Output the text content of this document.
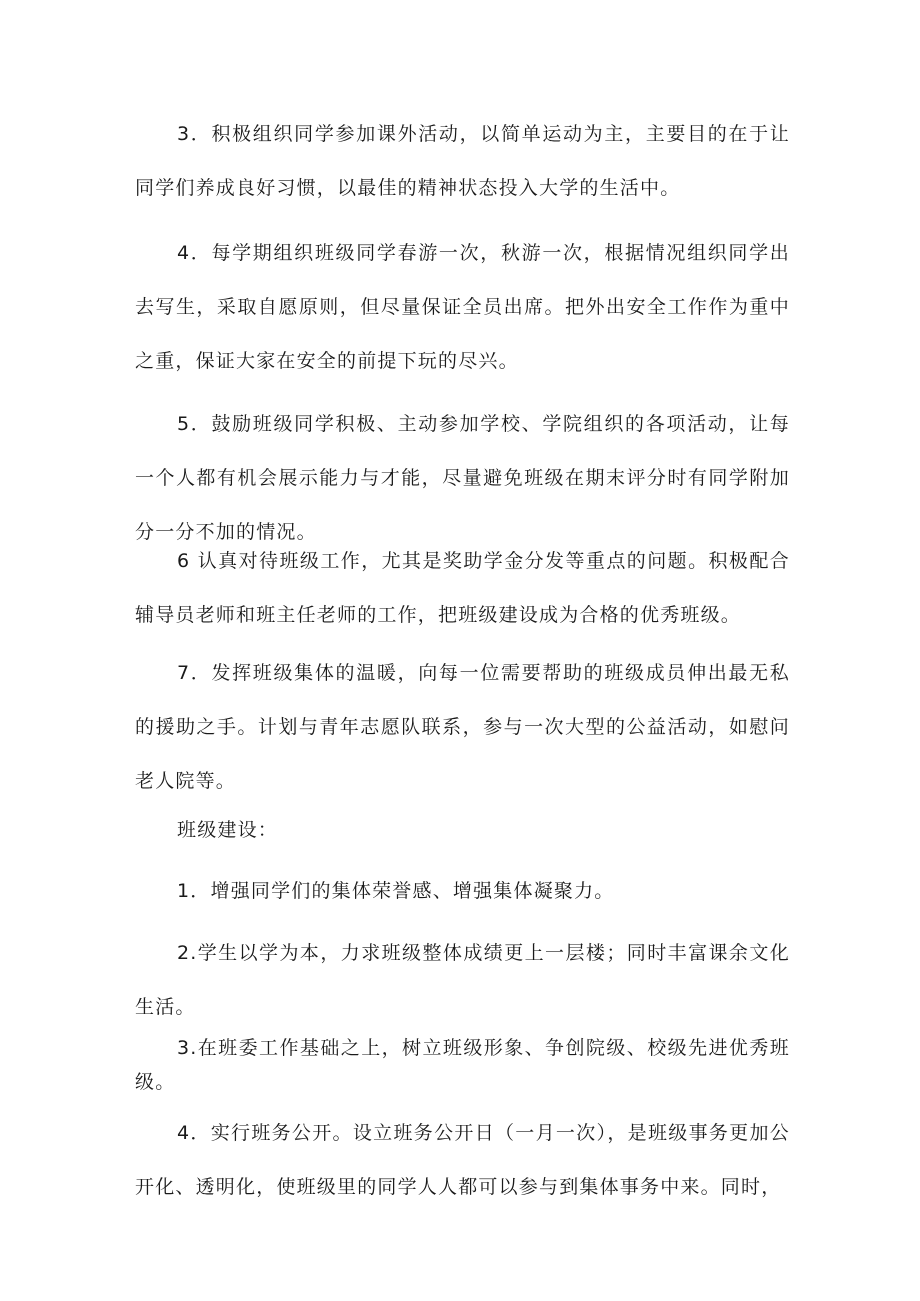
3．积极组织同学参加课外活动，以简单运动为主，主要目的在于让同学们养成良好习惯，以最佳的精神状态投入大学的生活中。

4．每学期组织班级同学春游一次，秋游一次，根据情况组织同学出去写生，采取自愿原则，但尽量保证全员出席。把外出安全工作作为重中之重，保证大家在安全的前提下玩的尽兴。

5．鼓励班级同学积极、主动参加学校、学院组织的各项活动，让每一个人都有机会展示能力与才能，尽量避免班级在期末评分时有同学附加分一分不加的情况。

6 认真对待班级工作，尤其是奖助学金分发等重点的问题。积极配合辅导员老师和班主任老师的工作，把班级建设成为合格的优秀班级。

7．发挥班级集体的温暖，向每一位需要帮助的班级成员伸出最无私的援助之手。计划与青年志愿队联系，参与一次大型的公益活动，如慰问老人院等。

班级建设：

1．增强同学们的集体荣誉感、增强集体凝聚力。

2.学生以学为本，力求班级整体成绩更上一层楼；同时丰富课余文化生活。

3.在班委工作基础之上，树立班级形象、争创院级、校级先进优秀班级。

4．实行班务公开。设立班务公开日（一月一次），是班级事务更加公开化、透明化，使班级里的同学人人都可以参与到集体事务中来。同时，
